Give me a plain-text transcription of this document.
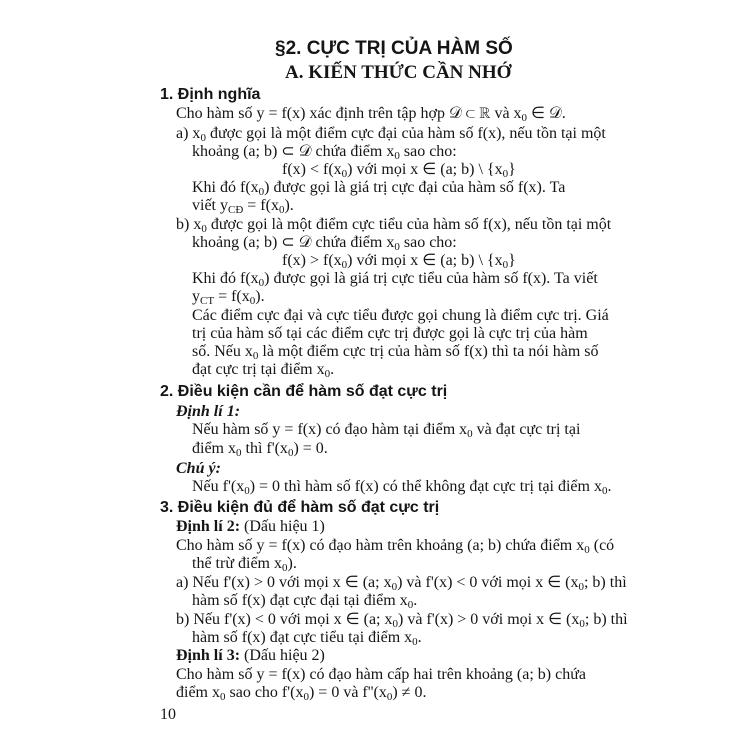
§2. CỰC TRỊ CỦA HÀM SỐ
A. KIẾN THỨC CẦN NHỚ
1. Định nghĩa
Cho hàm số y = f(x) xác định trên tập hợp 𝒟 ⊂ ℝ và $x_0$ ∈ 𝒟.
a) $x_0$ được gọi là một điểm cực đại của hàm số f(x), nếu tồn tại một
khoảng (a; b) ⊂ 𝒟 chứa điểm $x_0$ sao cho:
$f(x) < f(x_0)$ với mọi x ∈ (a; b) \ $\{x_0\}$
Khi đó $f(x_0)$ được gọi là giá trị cực đại của hàm số f(x). Ta
viết $y_{CĐ} = f(x_0)$.
b) $x_0$ được gọi là một điểm cực tiểu của hàm số f(x), nếu tồn tại một
khoảng (a; b) ⊂ 𝒟 chứa điểm $x_0$ sao cho:
$f(x) > f(x_0)$ với mọi x ∈ (a; b) \ $\{x_0\}$
Khi đó $f(x_0)$ được gọi là giá trị cực tiểu của hàm số f(x). Ta viết
$y_{CT} = f(x_0)$.
Các điểm cực đại và cực tiểu được gọi chung là điểm cực trị. Giá
trị của hàm số tại các điểm cực trị được gọi là cực trị của hàm
số. Nếu $x_0$ là một điểm cực trị của hàm số f(x) thì ta nói hàm số
đạt cực trị tại điểm $x_0$.
2. Điều kiện cần để hàm số đạt cực trị
Định lí 1:
Nếu hàm số y = f(x) có đạo hàm tại điểm $x_0$ và đạt cực trị tại
điểm $x_0$ thì $f'(x_0) = 0$.
Chú ý:
Nếu $f'(x_0) = 0$ thì hàm số f(x) có thể không đạt cực trị tại điểm $x_0$.
3. Điều kiện đủ để hàm số đạt cực trị
Định lí 2: (Dấu hiệu 1)
Cho hàm số y = f(x) có đạo hàm trên khoảng (a; b) chứa điểm $x_0$ (có
thể trừ điểm $x_0$).
a) Nếu f'(x) > 0 với mọi x ∈ (a; $x_0$) và f'(x) < 0 với mọi x ∈ ($x_0$; b) thì
hàm số f(x) đạt cực đại tại điểm $x_0$.
b) Nếu f'(x) < 0 với mọi x ∈ (a; $x_0$) và f'(x) > 0 với mọi x ∈ ($x_0$; b) thì
hàm số f(x) đạt cực tiểu tại điểm $x_0$.
Định lí 3: (Dấu hiệu 2)
Cho hàm số y = f(x) có đạo hàm cấp hai trên khoảng (a; b) chứa
điểm $x_0$ sao cho $f'(x_0) = 0$ và $f''(x_0) \ne 0$.
10
